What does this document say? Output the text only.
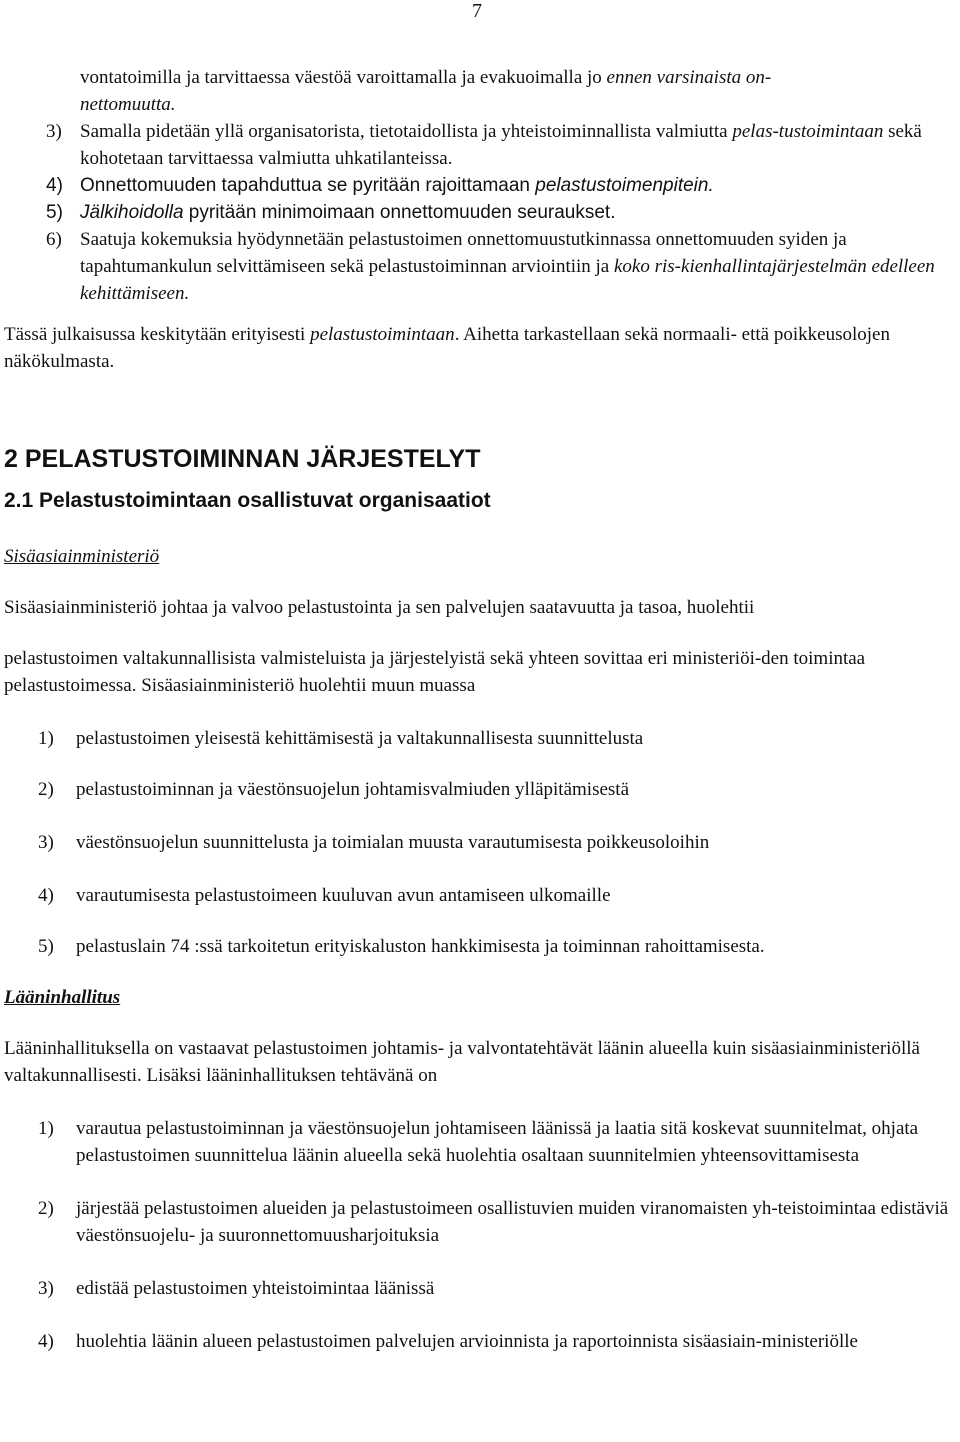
7

vontatoimilla ja tarvittaessa väestöä varoittamalla ja evakuoimalla jo ennen varsinaista on-
nettomuutta.

3) Samalla pidetään yllä organisatorista, tietotaidollista ja yhteistoiminnallista valmiutta pelas-tustoimintaan sekä kohotetaan tarvittaessa valmiutta uhkatilanteissa.

4) Onnettomuuden tapahduttua se pyritään rajoittamaan pelastustoimenpitein.

5) Jälkihoidolla pyritään minimoimaan onnettomuuden seuraukset.

6) Saatuja kokemuksia hyödynnetään pelastustoimen onnettomuustutkinnassa onnettomuuden syiden ja tapahtumankulun selvittämiseen sekä pelastustoiminnan arviointiin ja koko ris-kienhallintajärjestelmän edelleen kehittämiseen.

Tässä julkaisussa keskitytään erityisesti pelastustoimintaan. Aihetta tarkastellaan sekä normaali- että poikkeusolojen näkökulmasta.

2 PELASTUSTOIMINNAN JÄRJESTELYT
2.1 Pelastustoimintaan osallistuvat organisaatiot

Sisäasiainministeriö

Sisäasiainministeriö johtaa ja valvoo pelastustointa ja sen palvelujen saatavuutta ja tasoa, huolehtii

pelastustoimen valtakunnallisista valmisteluista ja järjestelyistä sekä yhteen sovittaa eri ministeriöi-den toimintaa pelastustoimessa. Sisäasiainministeriö huolehtii muun muassa

1) pelastustoimen yleisestä kehittämisestä ja valtakunnallisesta suunnittelusta

2) pelastustoiminnan ja väestönsuojelun johtamisvalmiuden ylläpitämisestä

3) väestönsuojelun suunnittelusta ja toimialan muusta varautumisesta poikkeusoloihin

4) varautumisesta pelastustoimeen kuuluvan avun antamiseen ulkomaille

5) pelastuslain 74 :ssä tarkoitetun erityiskaluston hankkimisesta ja toiminnan rahoittamisesta.

Lääninhallitus

Lääninhallituksella on vastaavat pelastustoimen johtamis- ja valvontatehtävät läänin alueella kuin sisäasiainministeriöllä valtakunnallisesti. Lisäksi lääninhallituksen tehtävänä on

1) varautua pelastustoiminnan ja väestönsuojelun johtamiseen läänissä ja laatia sitä koskevat suunnitelmat, ohjata pelastustoimen suunnittelua läänin alueella sekä huolehtia osaltaan suunnitelmien yhteensovittamisesta

2) järjestää pelastustoimen alueiden ja pelastustoimeen osallistuvien muiden viranomaisten yh-teistoimintaa edistäviä väestönsuojelu- ja suuronnettomuusharjoituksia

3) edistää pelastustoimen yhteistoimintaa läänissä

4) huolehtia läänin alueen pelastustoimen palvelujen arvioinnista ja raportoinnista sisäasiain-ministeriölle
